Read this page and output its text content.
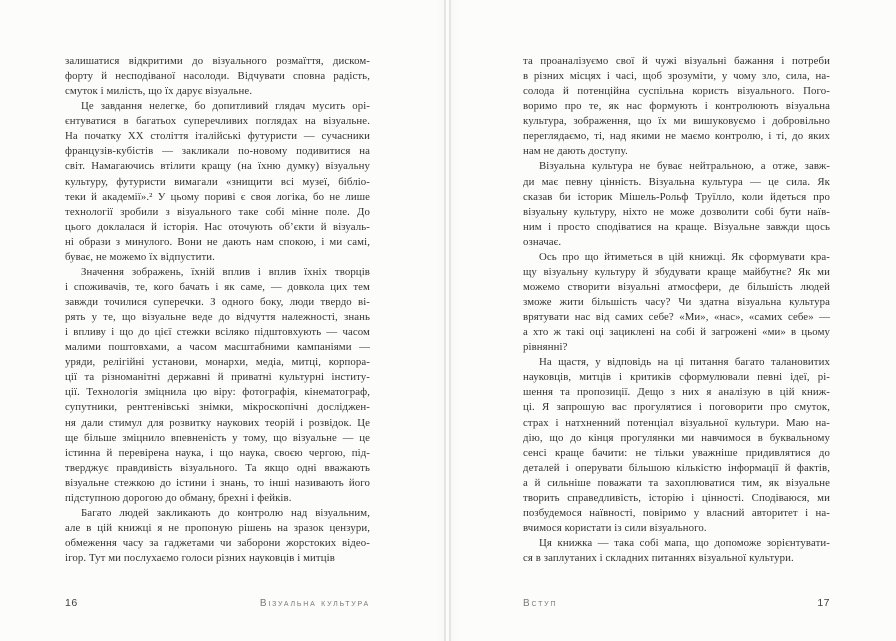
залишатися відкритими до візуального розмаїття, диском-
форту й несподіваної насолоди. Відчувати сповна радість,
смуток і милість, що їх дарує візуальне.
Це завдання нелегке, бо допитливий глядач мусить орі-
єнтуватися в багатьох суперечливих поглядах на візуальне.
На початку XX століття італійські футуристи — сучасники
французів-кубістів — закликали по-новому подивитися на
світ. Намагаючись втілити кращу (на їхню думку) візуальну
культуру, футуристи вимагали «знищити всі музеї, бібліо-
теки й академії».² У цьому пориві є своя логіка, бо не лише
технології зробили з візуального таке собі мінне поле. До
цього доклалася й історія. Нас оточують об’єкти й візуаль-
ні образи з минулого. Вони не дають нам спокою, і ми самі,
буває, не можемо їх відпустити.
Значення зображень, їхній вплив і вплив їхніх творців
і споживачів, те, кого бачать і як саме, — довкола цих тем
завжди точилися суперечки. З одного боку, люди твердо ві-
рять у те, що візуальне веде до відчуття належності, знань
і впливу і що до цієї стежки всіляко підштовхують — часом
малими поштовхами, а часом масштабними кампаніями —
уряди, релігійні установи, монархи, медіа, митці, корпора-
ції та різноманітні державні й приватні культурні інститу-
ції. Технологія зміцнила цю віру: фотографія, кінематограф,
супутники, рентгенівські знімки, мікроскопічні досліджен-
ня дали стимул для розвитку наукових теорій і розвідок. Це
ще більше зміцнило впевненість у тому, що візуальне — це
істинна й перевірена наука, і що наука, своєю чергою, під-
тверджує правдивість візуального. Та якщо одні вважають
візуальне стежкою до істини і знань, то інші називають його
підступною дорогою до обману, брехні і фейків.
Багато людей закликають до контролю над візуальним,
але в цій книжці я не пропоную рішень на зразок цензури,
обмеження часу за гаджетами чи заборони жорстоких відео-
ігор. Тут ми послухаємо голоси різних науковців і митців
16	Візуальна культура
та проаналізуємо свої й чужі візуальні бажання і потреби
в різних місцях і часі, щоб зрозуміти, у чому зло, сила, на-
солода й потенційна суспільна користь візуального. Пого-
воримо про те, як нас формують і контролюють візуальна
культура, зображення, що їх ми вишуковуємо і добровільно
переглядаємо, ті, над якими не маємо контролю, і ті, до яких
нам не дають доступу.
Візуальна культура не буває нейтральною, а отже, завж-
ди має певну цінність. Візуальна культура — це сила. Як
сказав би історик Мішель-Рольф Труїлло, коли йдеться про
візуальну культуру, ніхто не може дозволити собі бути наїв-
ним і просто сподіватися на краще. Візуальне завжди щось
означає.
Ось про що йтиметься в цій книжці. Як сформувати кра-
щу візуальну культуру й збудувати краще майбутнє? Як ми
можемо створити візуальні атмосфери, де більшість людей
зможе жити більшість часу? Чи здатна візуальна культура
врятувати нас від самих себе? «Ми», «нас», «самих себе» —
а хто ж такі оці зациклені на собі й загрожені «ми» в цьому
рівнянні?
На щастя, у відповідь на ці питання багато талановитих
науковців, митців і критиків сформулювали певні ідеї, рі-
шення та пропозиції. Дещо з них я аналізую в цій книж-
ці. Я запрошую вас прогулятися і поговорити про смуток,
страх і натхненний потенціал візуальної культури. Маю на-
дію, що до кінця прогулянки ми навчимося в буквальному
сенсі краще бачити: не тільки уважніше придивлятися до
деталей і оперувати більшою кількістю інформації й фактів,
а й сильніше поважати та захоплюватися тим, як візуальне
творить справедливість, історію і цінності. Сподіваюся, ми
позбудемося наївності, повіримо у власний авторитет і на-
вчимося користати із сили візуального.
Ця книжка — така собі мапа, що допоможе зорієнтувати-
ся в заплутаних і складних питаннях візуальної культури.
Вступ	17
